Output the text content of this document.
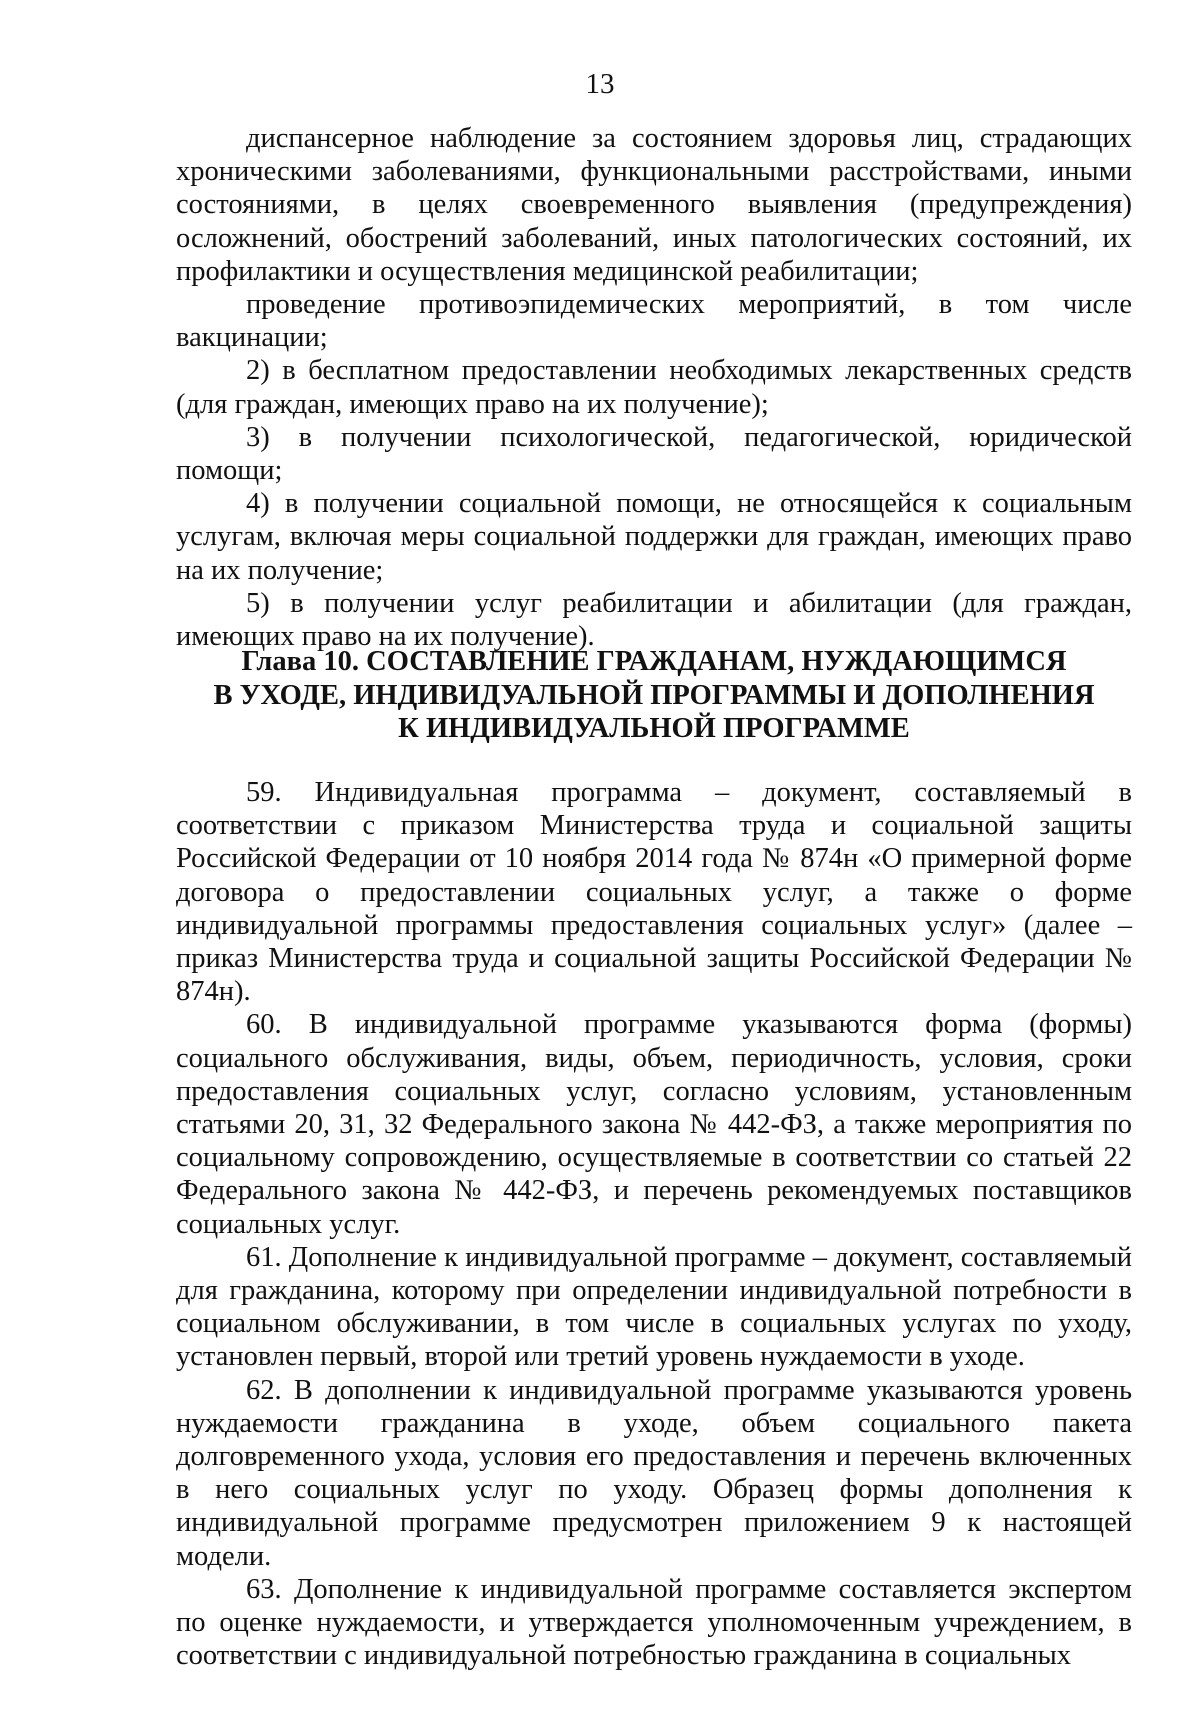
13

диспансерное наблюдение за состоянием здоровья лиц, страдающих хроническими заболеваниями, функциональными расстройствами, иными состояниями, в целях своевременного выявления (предупреждения) осложнений, обострений заболеваний, иных патологических состояний, их профилактики и осуществления медицинской реабилитации;

проведение противоэпидемических мероприятий, в том числе вакцинации;

2) в бесплатном предоставлении необходимых лекарственных средств (для граждан, имеющих право на их получение);

3) в получении психологической, педагогической, юридической помощи;

4) в получении социальной помощи, не относящейся к социальным услугам, включая меры социальной поддержки для граждан, имеющих право на их получение;

5) в получении услуг реабилитации и абилитации (для граждан, имеющих право на их получение).

Глава 10. СОСТАВЛЕНИЕ ГРАЖДАНАМ, НУЖДАЮЩИМСЯ
В УХОДЕ, ИНДИВИДУАЛЬНОЙ ПРОГРАММЫ И ДОПОЛНЕНИЯ
К ИНДИВИДУАЛЬНОЙ ПРОГРАММЕ

59. Индивидуальная программа – документ, составляемый в соответствии с приказом Министерства труда и социальной защиты Российской Федерации от 10 ноября 2014 года № 874н «О примерной форме договора о предоставлении социальных услуг, а также о форме индивидуальной программы предоставления социальных услуг» (далее – приказ Министерства труда и социальной защиты Российской Федерации № 874н).

60. В индивидуальной программе указываются форма (формы) социального обслуживания, виды, объем, периодичность, условия, сроки предоставления социальных услуг, согласно условиям, установленным статьями 20, 31, 32 Федерального закона № 442-ФЗ, а также мероприятия по социальному сопровождению, осуществляемые в соответствии со статьей 22 Федерального закона № 442-ФЗ, и перечень рекомендуемых поставщиков социальных услуг.

61. Дополнение к индивидуальной программе – документ, составляемый для гражданина, которому при определении индивидуальной потребности в социальном обслуживании, в том числе в социальных услугах по уходу, установлен первый, второй или третий уровень нуждаемости в уходе.

62. В дополнении к индивидуальной программе указываются уровень нуждаемости гражданина в уходе, объем социального пакета долговременного ухода, условия его предоставления и перечень включенных в него социальных услуг по уходу. Образец формы дополнения к индивидуальной программе предусмотрен приложением 9 к настоящей модели.

63. Дополнение к индивидуальной программе составляется экспертом по оценке нуждаемости, и утверждается уполномоченным учреждением, в соответствии с индивидуальной потребностью гражданина в социальных
